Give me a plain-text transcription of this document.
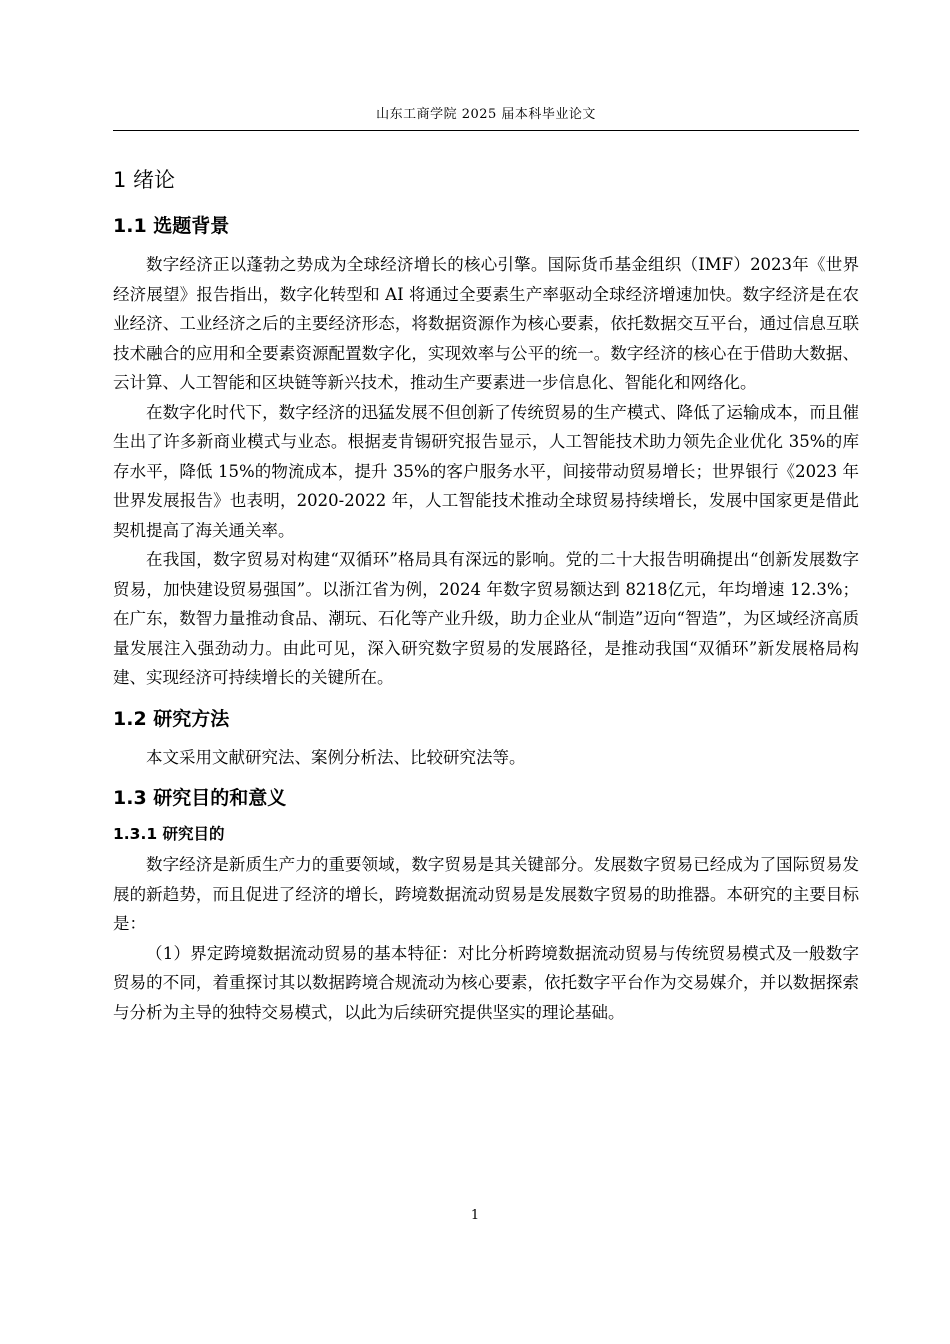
山东工商学院 2025 届本科毕业论文
1 绪论
1.1 选题背景

数字经济正以蓬勃之势成为全球经济增长的核心引擎。国际货币基金组织（IMF）2023年《世界经济展望》报告指出，数字化转型和 AI 将通过全要素生产率驱动全球经济增速加快。数字经济是在农业经济、工业经济之后的主要经济形态，将数据资源作为核心要素，依托数据交互平台，通过信息互联技术融合的应用和全要素资源配置数字化，实现效率与公平的统一。数字经济的核心在于借助大数据、云计算、人工智能和区块链等新兴技术，推动生产要素进一步信息化、智能化和网络化。

在数字化时代下，数字经济的迅猛发展不但创新了传统贸易的生产模式、降低了运输成本，而且催生出了许多新商业模式与业态。根据麦肯锡研究报告显示，人工智能技术助力领先企业优化 35%的库存水平，降低 15%的物流成本，提升 35%的客户服务水平，间接带动贸易增长；世界银行《2023 年世界发展报告》也表明，2020-2022 年，人工智能技术推动全球贸易持续增长，发展中国家更是借此契机提高了海关通关率。

在我国，数字贸易对构建“双循环”格局具有深远的影响。党的二十大报告明确提出“创新发展数字贸易，加快建设贸易强国”。以浙江省为例，2024 年数字贸易额达到 8218亿元，年均增速 12.3%；在广东，数智力量推动食品、潮玩、石化等产业升级，助力企业从“制造”迈向“智造”，为区域经济高质量发展注入强劲动力。由此可见，深入研究数字贸易的发展路径，是推动我国“双循环”新发展格局构建、实现经济可持续增长的关键所在。

1.2 研究方法

本文采用文献研究法、案例分析法、比较研究法等。

1.3 研究目的和意义
1.3.1 研究目的

数字经济是新质生产力的重要领域，数字贸易是其关键部分。发展数字贸易已经成为了国际贸易发展的新趋势，而且促进了经济的增长，跨境数据流动贸易是发展数字贸易的助推器。本研究的主要目标是：

（1）界定跨境数据流动贸易的基本特征：对比分析跨境数据流动贸易与传统贸易模式及一般数字贸易的不同，着重探讨其以数据跨境合规流动为核心要素，依托数字平台作为交易媒介，并以数据探索与分析为主导的独特交易模式，以此为后续研究提供坚实的理论基础。

1
